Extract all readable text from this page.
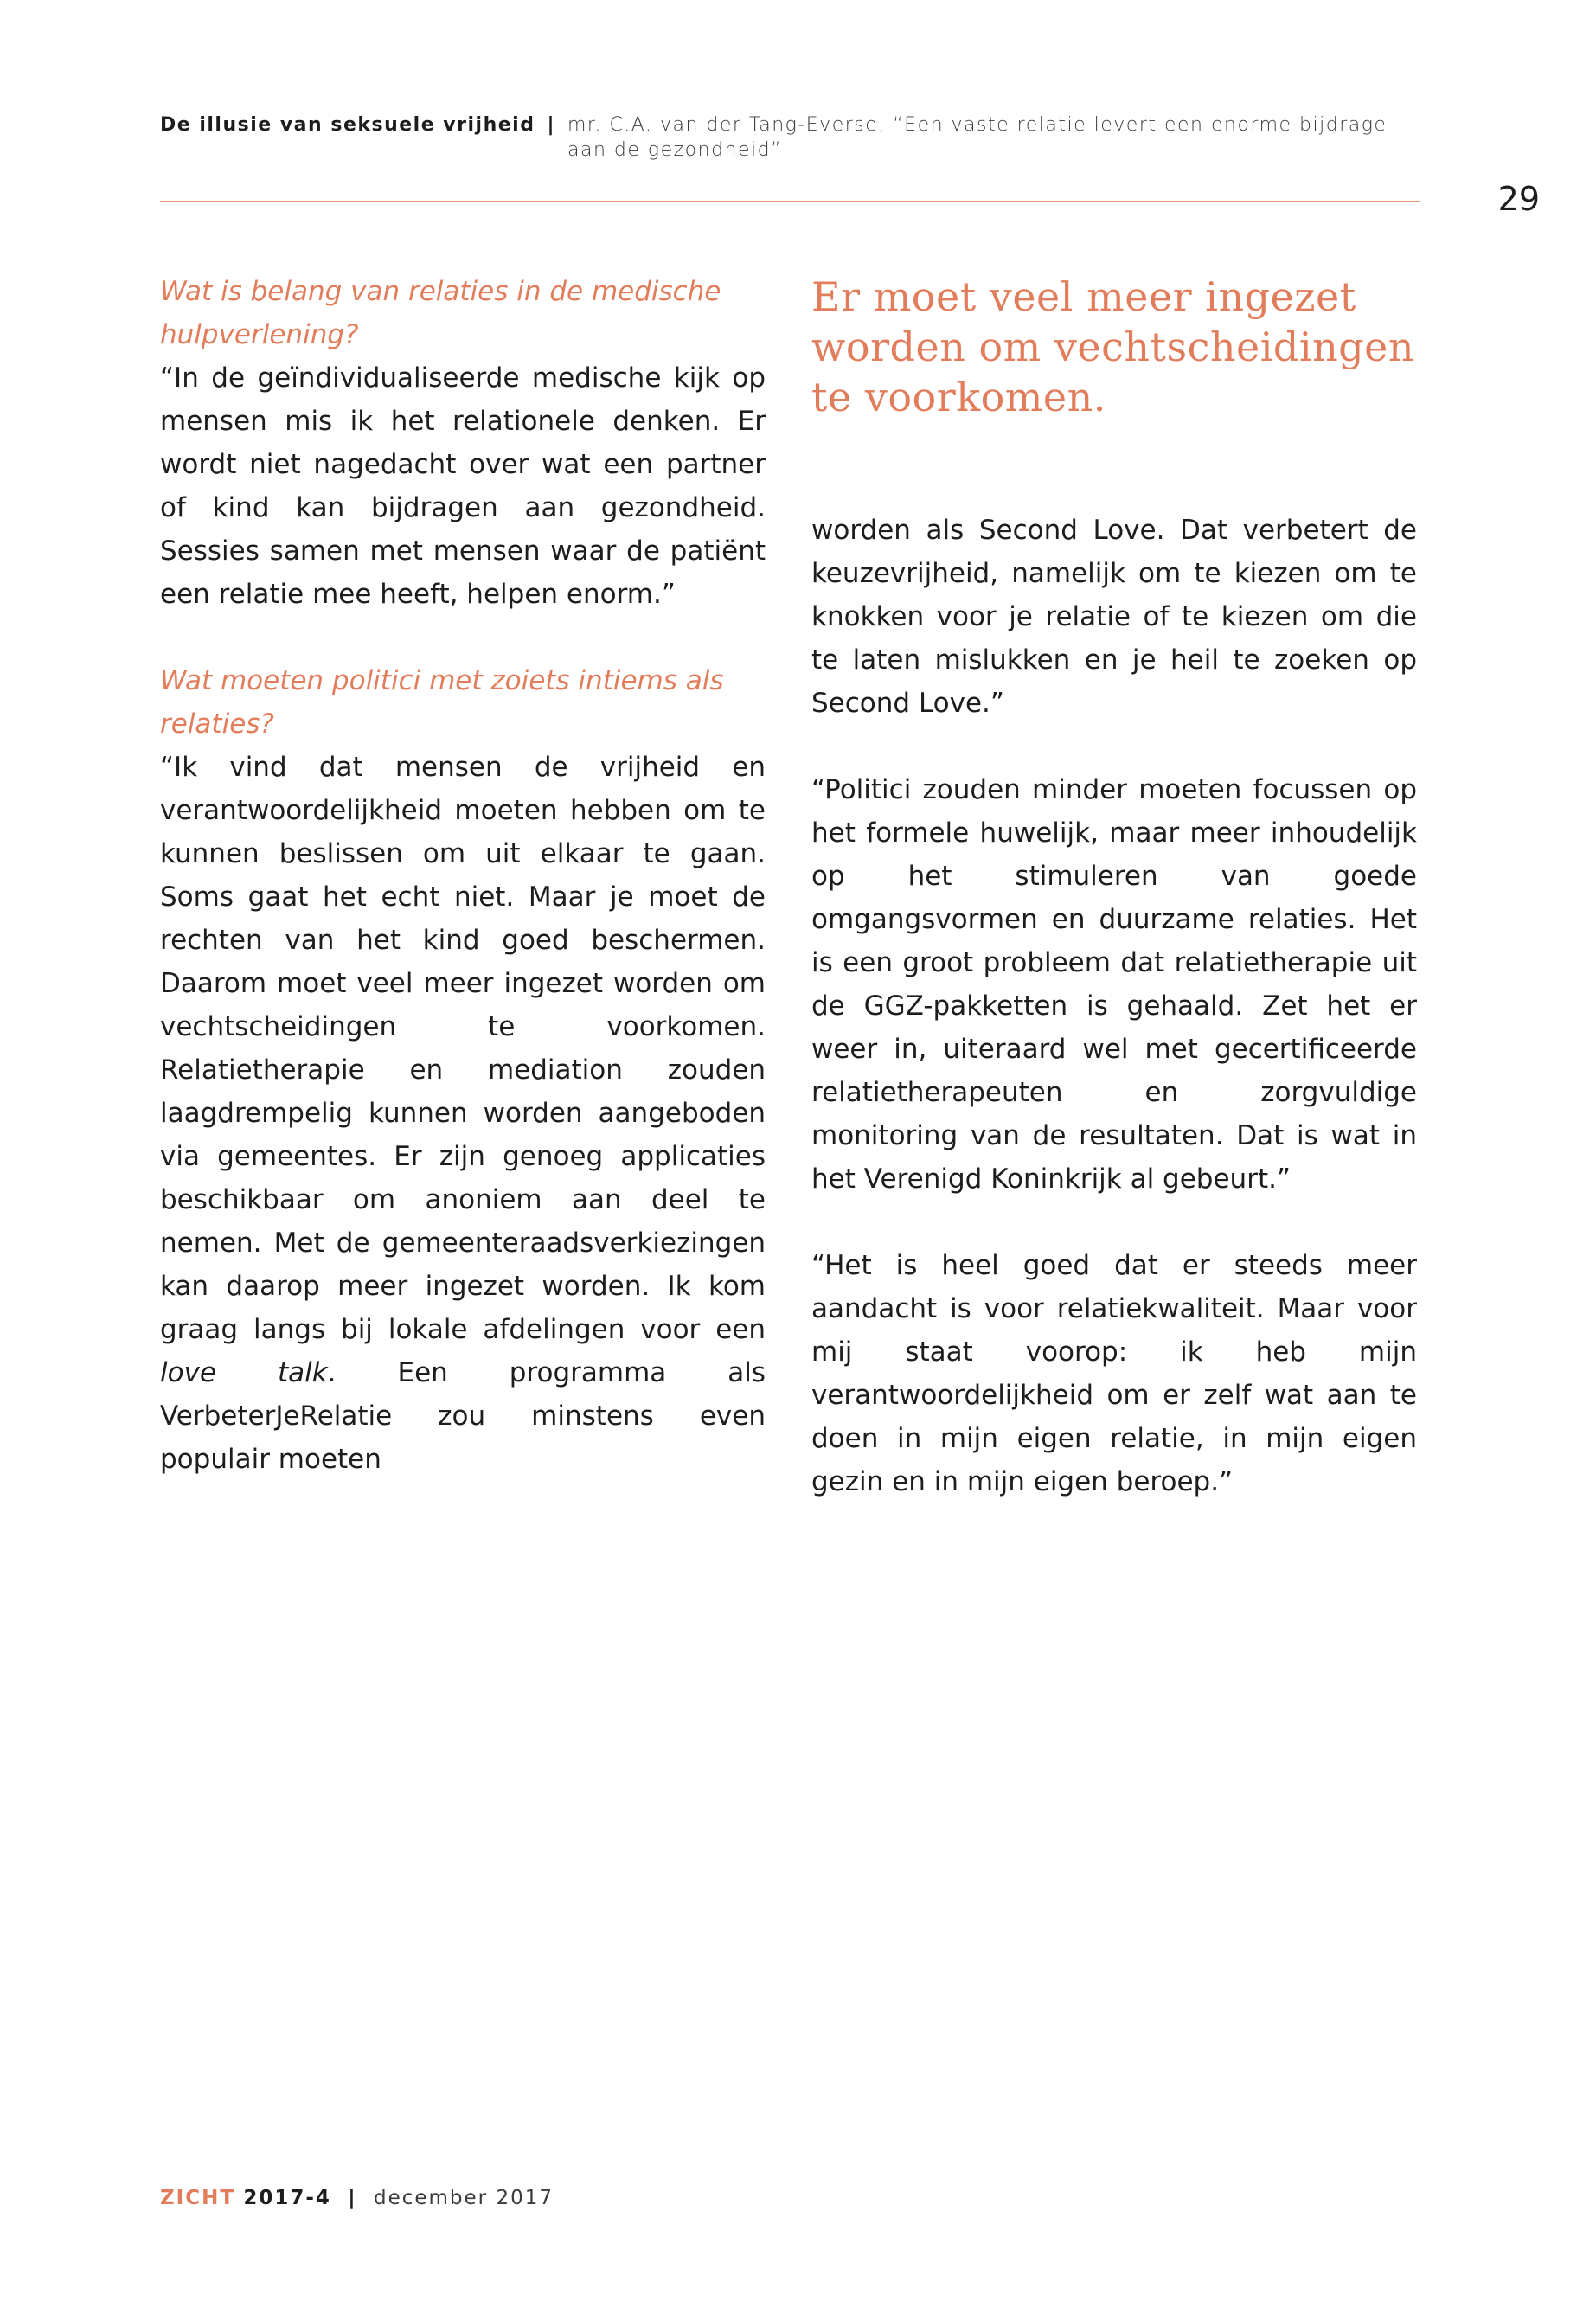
De illusie van seksuele vrijheid | mr. C.A. van der Tang-Everse, “Een vaste relatie levert een enorme bijdrage aan de gezondheid”
29

Wat is belang van relaties in de medische hulpverlening?

“In de geïndividualiseerde medische kijk op mensen mis ik het relationele denken. Er wordt niet nagedacht over wat een partner of kind kan bijdragen aan gezondheid. Sessies samen met mensen waar de patiënt een relatie mee heeft, helpen enorm.”

Wat moeten politici met zoiets intiems als relaties?

“Ik vind dat mensen de vrijheid en verantwoordelijkheid moeten hebben om te kunnen beslissen om uit elkaar te gaan. Soms gaat het echt niet. Maar je moet de rechten van het kind goed beschermen. Daarom moet veel meer ingezet worden om vechtscheidingen te voorkomen. Relatietherapie en mediation zouden laagdrempelig kunnen worden aangeboden via gemeentes. Er zijn genoeg applicaties beschikbaar om anoniem aan deel te nemen. Met de gemeenteraadsverkiezingen kan daarop meer ingezet worden. Ik kom graag langs bij lokale afdelingen voor een love talk. Een programma als VerbeterJeRelatie zou minstens even populair moeten

Er moet veel meer ingezet worden om vechtscheidingen te voorkomen.

worden als Second Love. Dat verbetert de keuzevrijheid, namelijk om te kiezen om te knokken voor je relatie of te kiezen om die te laten mislukken en je heil te zoeken op Second Love.”

“Politici zouden minder moeten focussen op het formele huwelijk, maar meer inhoudelijk op het stimuleren van goede omgangsvormen en duurzame relaties. Het is een groot probleem dat relatietherapie uit de GGZ-pakketten is gehaald. Zet het er weer in, uiteraard wel met gecertificeerde relatietherapeuten en zorgvuldige monitoring van de resultaten. Dat is wat in het Verenigd Koninkrijk al gebeurt.”

“Het is heel goed dat er steeds meer aandacht is voor relatiekwaliteit. Maar voor mij staat voorop: ik heb mijn verantwoordelijkheid om er zelf wat aan te doen in mijn eigen relatie, in mijn eigen gezin en in mijn eigen beroep.”

ZICHT 2017-4 | december 2017
